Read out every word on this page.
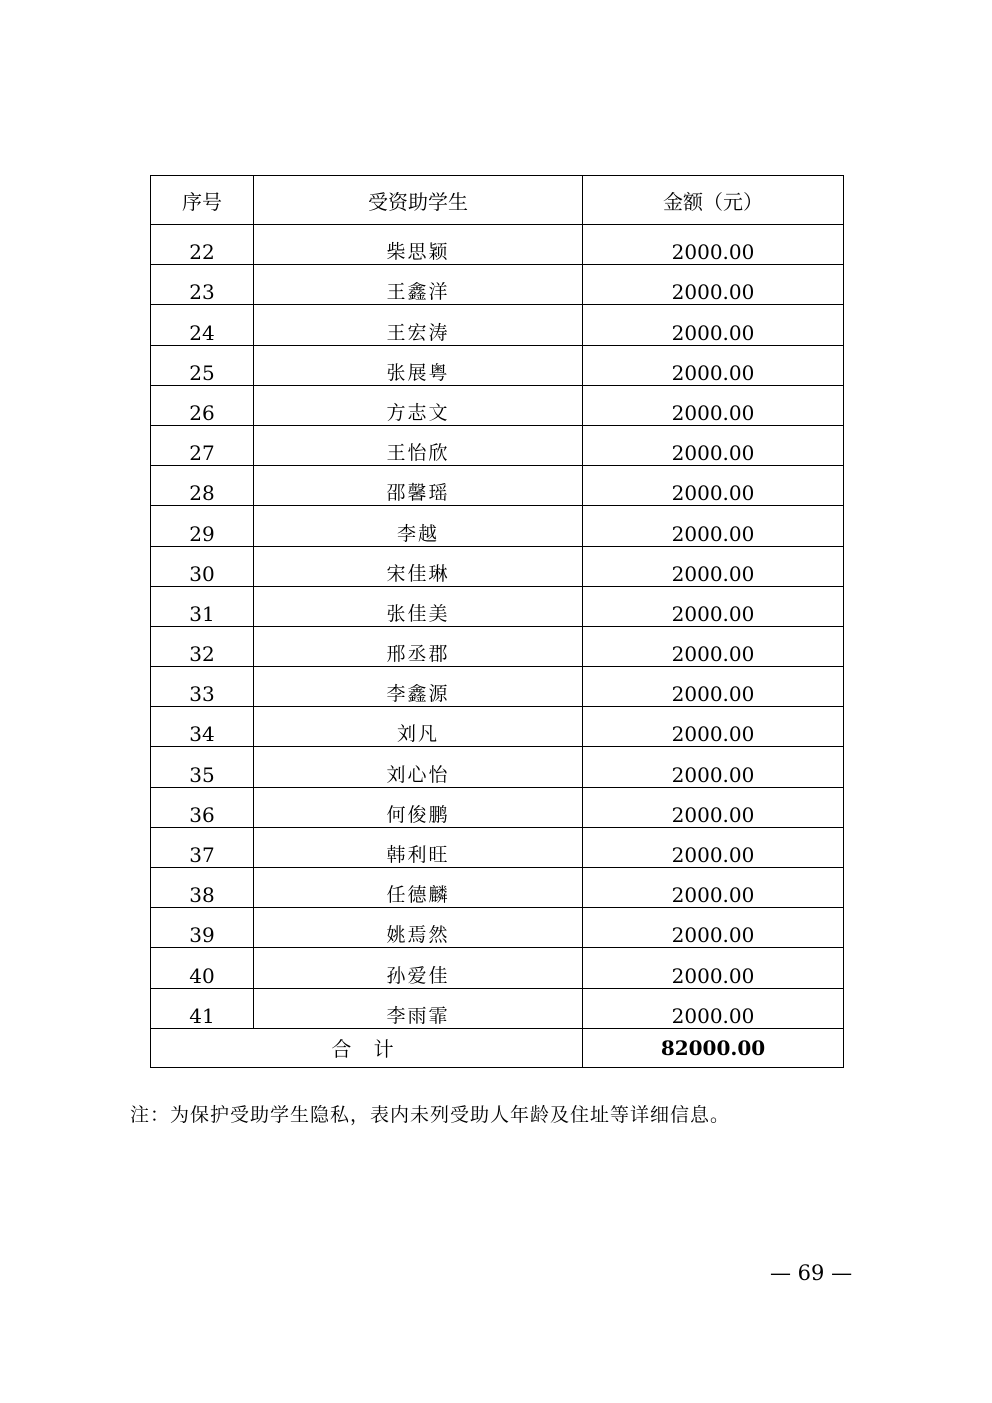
序号	受资助学生	金额（元）
22	柴思颖	2000.00
23	王鑫洋	2000.00
24	王宏涛	2000.00
25	张展粤	2000.00
26	方志文	2000.00
27	王怡欣	2000.00
28	邵馨瑶	2000.00
29	李越	2000.00
30	宋佳琳	2000.00
31	张佳美	2000.00
32	邢丞郡	2000.00
33	李鑫源	2000.00
34	刘凡	2000.00
35	刘心怡	2000.00
36	何俊鹏	2000.00
37	韩利旺	2000.00
38	任德麟	2000.00
39	姚焉然	2000.00
40	孙爱佳	2000.00
41	李雨霏	2000.00
合 计		82000.00
注：为保护受助学生隐私，表内未列受助人年龄及住址等详细信息。
— 69 —
